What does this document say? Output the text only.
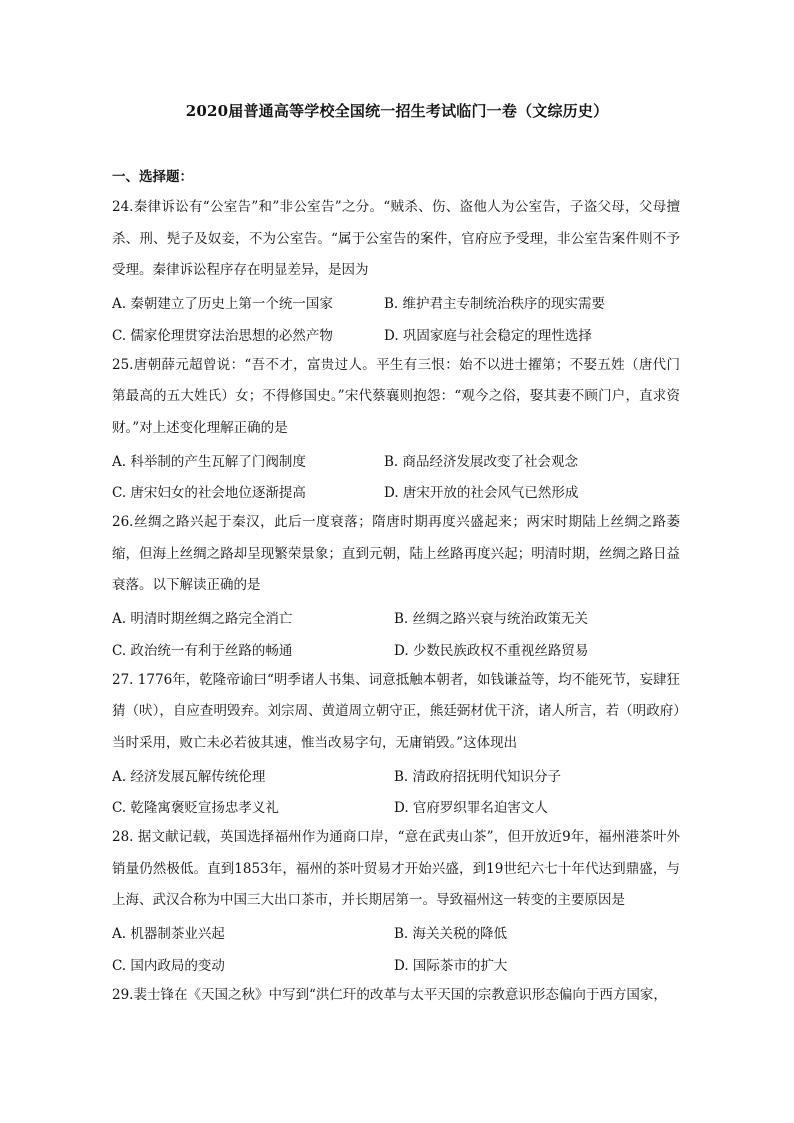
2020届普通高等学校全国统一招生考试临门一卷（文综历史）
一、选择题：

24.秦律诉讼有“公室告”和”非公室告”之分。“贼杀、伤、盗他人为公室告，子盗父母，父母擅杀、刑、髡子及奴妾，不为公室告。“属于公室告的案件，官府应予受理，非公室告案件则不予受理。秦律诉讼程序存在明显差异，是因为

A. 秦朝建立了历史上第一个统一国家	B. 维护君主专制统治秩序的现实需要
C. 儒家伦理贯穿法治思想的必然产物	D. 巩固家庭与社会稳定的理性选择

25.唐朝薛元超曾说：“吾不才，富贵过人。平生有三恨：始不以进士擢第；不娶五姓（唐代门第最高的五大姓氏）女；不得修国史。”宋代蔡襄则抱怨：“观今之俗，娶其妻不顾门户，直求资财。”对上述变化理解正确的是

A. 科举制的产生瓦解了门阀制度	B. 商品经济发展改变了社会观念
C. 唐宋妇女的社会地位逐渐提高	D. 唐宋开放的社会风气已然形成

26.丝绸之路兴起于秦汉，此后一度衰落；隋唐时期再度兴盛起来；两宋时期陆上丝绸之路萎缩，但海上丝绸之路却呈现繁荣景象；直到元朝，陆上丝路再度兴起；明清时期，丝绸之路日益衰落。以下解读正确的是

A. 明清时期丝绸之路完全消亡	B. 丝绸之路兴衰与统治政策无关
C. 政治统一有利于丝路的畅通	D. 少数民族政权不重视丝路贸易

27. 1776年，乾隆帝谕曰“明季诸人书集、词意抵触本朝者，如钱谦益等，均不能死节，妄肆狂猜（吠），自应查明毁弃。刘宗周、黄道周立朝守正，熊廷弼材优干济，诸人所言，若（明政府）当时采用，败亡未必若彼其速，惟当改易字句，无庸销毁。”这体现出

A. 经济发展瓦解传统伦理	B. 清政府招抚明代知识分子
C. 乾隆寓褒贬宣扬忠孝义礼	D. 官府罗织罪名迫害文人

28. 据文献记载，英国选择福州作为通商口岸，“意在武夷山茶”，但开放近9年，福州港茶叶外销量仍然极低。直到1853年，福州的茶叶贸易才开始兴盛，到19世纪六七十年代达到鼎盛，与上海、武汉合称为中国三大出口茶市，并长期居第一。导致福州这一转变的主要原因是

A. 机器制茶业兴起	B. 海关关税的降低
C. 国内政局的变动	D. 国际茶市的扩大

29.裴士锋在《天国之秋》中写到“洪仁玕的改革与太平天国的宗教意识形态偏向于西方国家，
